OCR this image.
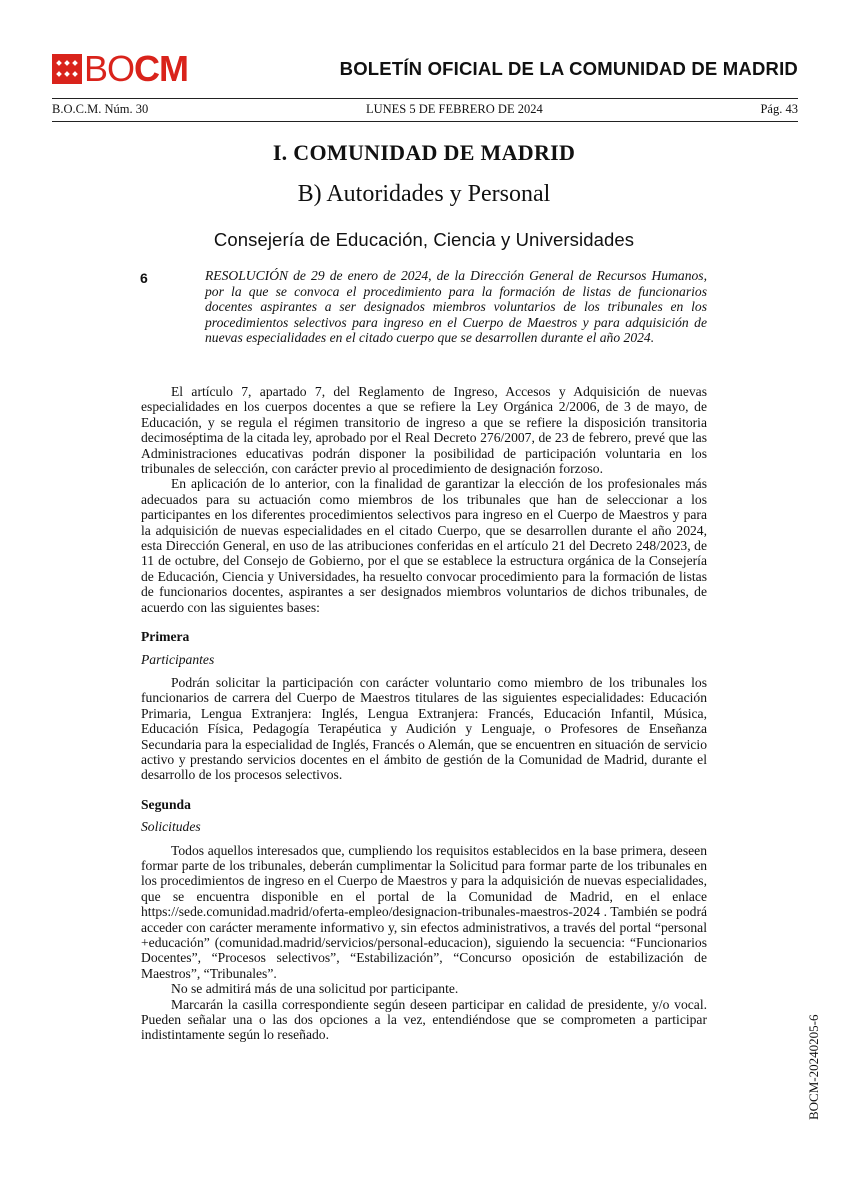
BOCM	BOLETÍN OFICIAL DE LA COMUNIDAD DE MADRID
B.O.C.M. Núm. 30	LUNES 5 DE FEBRERO DE 2024	Pág. 43
I. COMUNIDAD DE MADRID
B) Autoridades y Personal
Consejería de Educación, Ciencia y Universidades
6	RESOLUCIÓN de 29 de enero de 2024, de la Dirección General de Recursos Humanos, por la que se convoca el procedimiento para la formación de listas de funcionarios docentes aspirantes a ser designados miembros voluntarios de los tribunales en los procedimientos selectivos para ingreso en el Cuerpo de Maestros y para adquisición de nuevas especialidades en el citado cuerpo que se desarrollen durante el año 2024.

El artículo 7, apartado 7, del Reglamento de Ingreso, Accesos y Adquisición de nuevas especialidades en los cuerpos docentes a que se refiere la Ley Orgánica 2/2006, de 3 de mayo, de Educación, y se regula el régimen transitorio de ingreso a que se refiere la disposición transitoria decimoséptima de la citada ley, aprobado por el Real Decreto 276/2007, de 23 de febrero, prevé que las Administraciones educativas podrán disponer la posibilidad de participación voluntaria en los tribunales de selección, con carácter previo al procedimiento de designación forzoso.

En aplicación de lo anterior, con la finalidad de garantizar la elección de los profesionales más adecuados para su actuación como miembros de los tribunales que han de seleccionar a los participantes en los diferentes procedimientos selectivos para ingreso en el Cuerpo de Maestros y para la adquisición de nuevas especialidades en el citado Cuerpo, que se desarrollen durante el año 2024, esta Dirección General, en uso de las atribuciones conferidas en el artículo 21 del Decreto 248/2023, de 11 de octubre, del Consejo de Gobierno, por el que se establece la estructura orgánica de la Consejería de Educación, Ciencia y Universidades, ha resuelto convocar procedimiento para la formación de listas de funcionarios docentes, aspirantes a ser designados miembros voluntarios de dichos tribunales, de acuerdo con las siguientes bases:

Primera
Participantes

Podrán solicitar la participación con carácter voluntario como miembro de los tribunales los funcionarios de carrera del Cuerpo de Maestros titulares de las siguientes especialidades: Educación Primaria, Lengua Extranjera: Inglés, Lengua Extranjera: Francés, Educación Infantil, Música, Educación Física, Pedagogía Terapéutica y Audición y Lenguaje, o Profesores de Enseñanza Secundaria para la especialidad de Inglés, Francés o Alemán, que se encuentren en situación de servicio activo y prestando servicios docentes en el ámbito de gestión de la Comunidad de Madrid, durante el desarrollo de los procesos selectivos.

Segunda
Solicitudes

Todos aquellos interesados que, cumpliendo los requisitos establecidos en la base primera, deseen formar parte de los tribunales, deberán cumplimentar la Solicitud para formar parte de los tribunales en los procedimientos de ingreso en el Cuerpo de Maestros y para la adquisición de nuevas especialidades, que se encuentra disponible en el portal de la Comunidad de Madrid, en el enlace https://sede.comunidad.madrid/oferta-empleo/designacion-tribunales-maestros-2024 . También se podrá acceder con carácter meramente informativo y, sin efectos administrativos, a través del portal “personal +educación” (comunidad.madrid/servicios/personal-educacion), siguiendo la secuencia: “Funcionarios Docentes”, “Procesos selectivos”, “Estabilización”, “Concurso oposición de estabilización de Maestros”, “Tribunales”.

No se admitirá más de una solicitud por participante.

Marcarán la casilla correspondiente según deseen participar en calidad de presidente, y/o vocal. Pueden señalar una o las dos opciones a la vez, entendiéndose que se comprometen a participar indistintamente según lo reseñado.	BOCM-20240205-6
